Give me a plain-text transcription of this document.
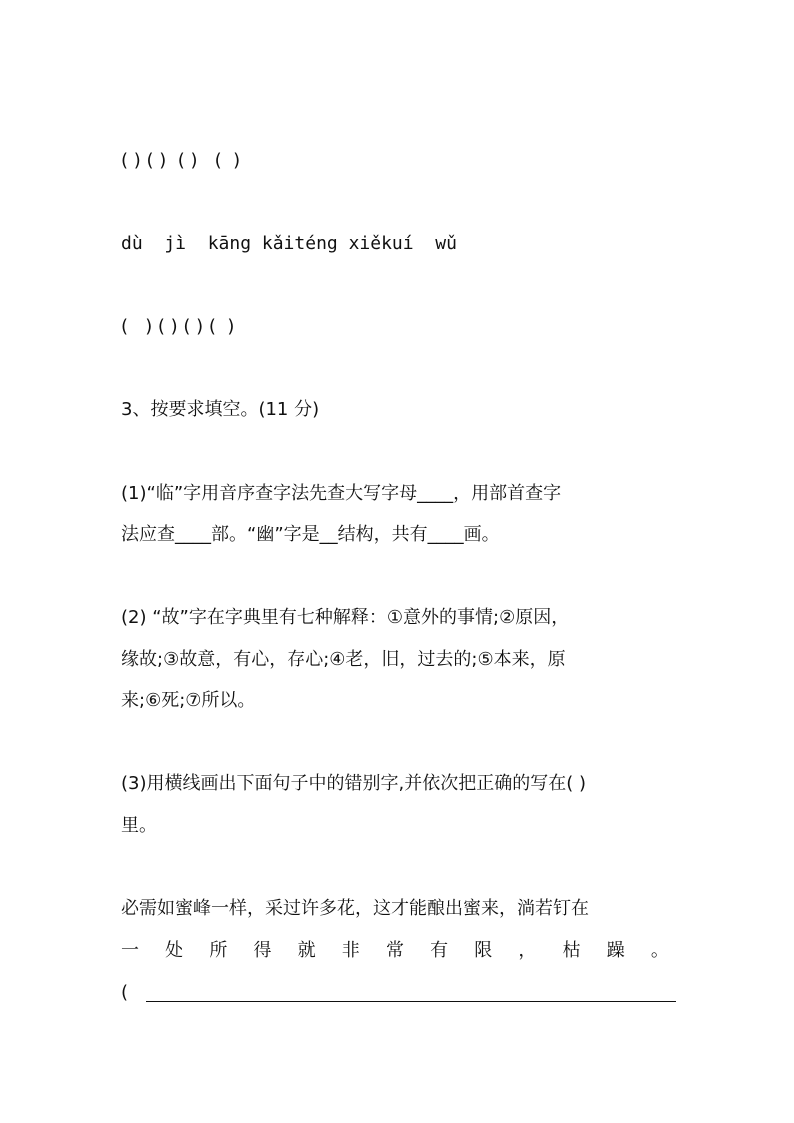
( ) ( )  ( )   (  )
dù  jì  kāng kǎiténg xiěkuí  wǔ
(   ) ( ) ( ) (  )
3、按要求填空。(11 分)
(1)“临”字用音序查字法先查大写字母____，用部首查字
法应查____部。“幽”字是__结构，共有____画。
(2) “故”字在字典里有七种解释：①意外的事情;②原因，
缘故;③故意，有心，存心;④老，旧，过去的;⑤本来，原
来;⑥死;⑦所以。
(3)用横线画出下面句子中的错别字,并依次把正确的写在( )
里。
必需如蜜峰一样，采过许多花，这才能酿出蜜来，淌若钉在
一 处 所 得 就 非 常 有 限 ， 枯 躁 。
(
